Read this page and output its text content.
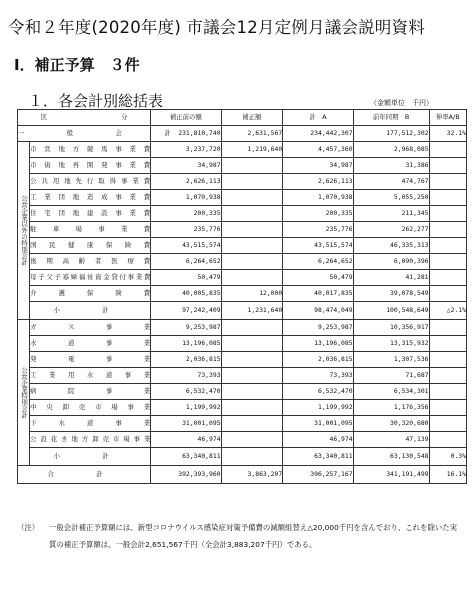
令和２年度(2020年度) 市議会12月定例月議会説明資料
Ⅰ．補正予算　３件
１．各会計別総括表	（金額単位　千円）
区 分		補正前の額	補正額	計　A	前年同期　B	伸率A/B
一　般　会　計		231,810,740	2,631,567	234,442,307	177,512,302	32.1%
公営企業以外の特別会計	市営地方競馬事業費	3,237,720	1,219,640	4,457,360	2,968,085	
	市街地再開発事業費	34,987		34,987	31,386	
	公共用地先行取得事業費	2,626,113		2,626,113	474,767	
	工業団地造成事業費	1,070,938		1,070,938	5,055,250	
	住宅団地建設事業費	200,335		200,335	211,345	
	駐車場事業費	235,776		235,776	262,277	
	国民健康保険費	43,515,574		43,515,574	46,335,313	
	後期高齢者医療費	6,264,652		6,264,652	6,090,396	
	母子父子寡婦福祉資金貸付事業費	50,479		50,479	41,281	
	介護保険費	40,005,835	12,000	40,017,835	39,078,549	
	小　計	97,242,409	1,231,640	98,474,049	100,548,649	△2.1%
公営企業特別会計	ガス事業	9,253,987		9,253,987	10,356,917	
	水道事業	13,196,085		13,196,085	13,315,932	
	発電事業	2,036,815		2,036,815	1,307,536	
	工業用水道事業	73,393		73,393	71,687	
	病院事業	6,532,470		6,532,470	6,534,301	
	中央卸売市場事業	1,199,992		1,199,992	1,176,356	
	下水道事業	31,001,095		31,001,095	30,320,680	
	公設花き地方卸売市場事業	46,974		46,974	47,139	
	小　計	63,340,811		63,340,811	63,130,548	0.3%
合　計		392,393,960	3,863,207	396,257,167	341,191,499	16.1%
（注） 一般会計補正予算額には、新型コロナウイルス感染症対策予備費の減額組替え△20,000千円を含んでおり、これを除いた実質の補正予算額は、一般会計2,651,567千円（全会計3,883,207千円）である。
